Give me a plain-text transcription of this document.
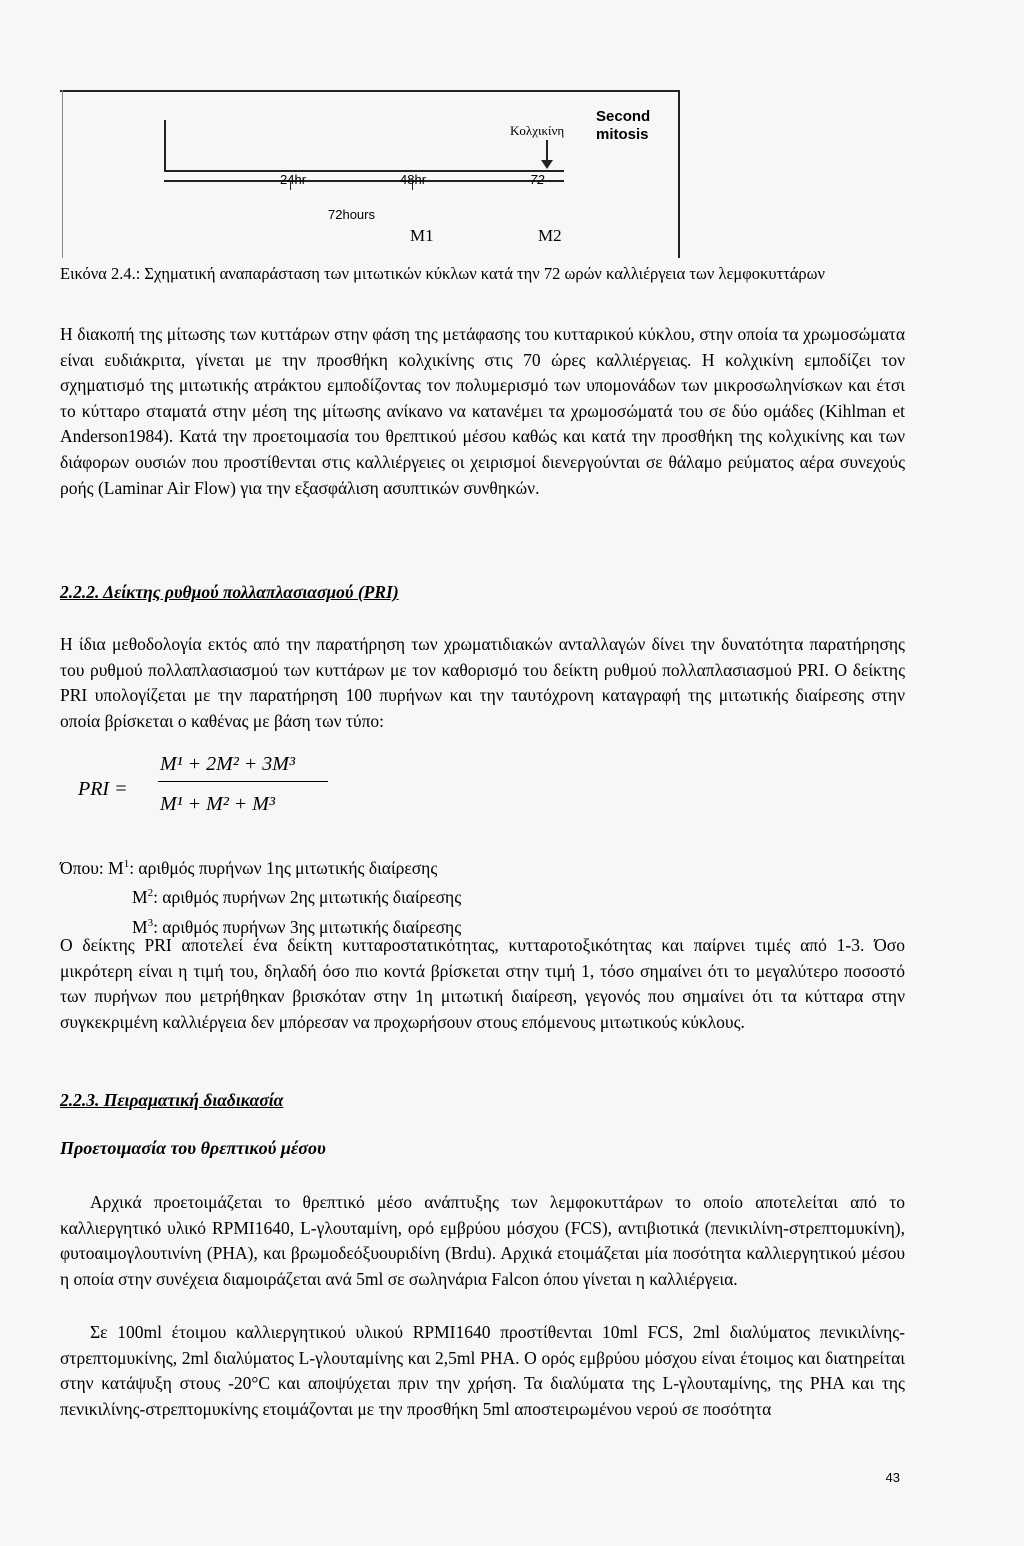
Κολχικίνη
Second mitosis
24hr	48hr	72
72hours
M1	M2

Εικόνα 2.4.: Σχηματική αναπαράσταση των μιτωτικών κύκλων κατά την 72 ωρών καλλιέργεια των λεμφοκυττάρων

Η διακοπή της μίτωσης των κυττάρων στην φάση της μετάφασης του κυτταρικού κύκλου, στην οποία τα χρωμοσώματα είναι ευδιάκριτα, γίνεται με την προσθήκη κολχικίνης στις 70 ώρες καλλιέργειας. Η κολχικίνη εμποδίζει τον σχηματισμό της μιτωτικής ατράκτου εμποδίζοντας τον πολυμερισμό των υπομονάδων των μικροσωληνίσκων και έτσι το κύτταρο σταματά στην μέση της μίτωσης ανίκανο να κατανέμει τα χρωμοσώματά του σε δύο ομάδες (Kihlman et Anderson1984). Κατά την προετοιμασία του θρεπτικού μέσου καθώς και κατά την προσθήκη της κολχικίνης και των διάφορων ουσιών που προστίθενται στις καλλιέργειες οι χειρισμοί διενεργούνται σε θάλαμο ρεύματος αέρα συνεχούς ροής (Laminar Air Flow) για την εξασφάλιση ασυπτικών συνθηκών.

2.2.2. Δείκτης ρυθμού πολλαπλασιασμού (PRI)

Η ίδια μεθοδολογία εκτός από την παρατήρηση των χρωματιδιακών ανταλλαγών δίνει την δυνατότητα παρατήρησης του ρυθμού πολλαπλασιασμού των κυττάρων με τον καθορισμό του δείκτη ρυθμού πολλαπλασιασμού PRI. Ο δείκτης PRI υπολογίζεται με την παρατήρηση 100 πυρήνων και την ταυτόχρονη καταγραφή της μιτωτικής διαίρεσης στην οποία βρίσκεται ο καθένας με βάση των τύπο:

PRI =
M¹ + 2M² + 3M³
M¹ + M² + M³
Όπου: $M^1$: αριθμός πυρήνων 1ης μιτωτικής διαίρεσης
$M^2$: αριθμός πυρήνων 2ης μιτωτικής διαίρεσης
$M^3$: αριθμός πυρήνων 3ης μιτωτικής διαίρεσης

Ο δείκτης PRI αποτελεί ένα δείκτη κυτταροστατικότητας, κυτταροτοξικότητας και παίρνει τιμές από 1-3. Όσο μικρότερη είναι η τιμή του, δηλαδή όσο πιο κοντά βρίσκεται στην τιμή 1, τόσο σημαίνει ότι το μεγαλύτερο ποσοστό των πυρήνων που μετρήθηκαν βρισκόταν στην 1η μιτωτική διαίρεση, γεγονός που σημαίνει ότι τα κύτταρα στην συγκεκριμένη καλλιέργεια δεν μπόρεσαν να προχωρήσουν στους επόμενους μιτωτικούς κύκλους.

2.2.3. Πειραματική διαδικασία

Προετοιμασία του θρεπτικού μέσου

Αρχικά προετοιμάζεται το θρεπτικό μέσο ανάπτυξης των λεμφοκυττάρων το οποίο αποτελείται από το καλλιεργητικό υλικό RPMI1640, L-γλουταμίνη, ορό εμβρύου μόσχου (FCS), αντιβιοτικά (πενικιλίνη-στρεπτομυκίνη), φυτοαιμογλουτινίνη (PHA), και βρωμοδεόξυουριδίνη (Brdu). Αρχικά ετοιμάζεται μία ποσότητα καλλιεργητικού μέσου η οποία στην συνέχεια διαμοιράζεται ανά 5ml σε σωληνάρια Falcon όπου γίνεται η καλλιέργεια.

Σε 100ml έτοιμου καλλιεργητικού υλικού RPMI1640 προστίθενται 10ml FCS, 2ml διαλύματος πενικιλίνης-στρεπτομυκίνης, 2ml διαλύματος L-γλουταμίνης και 2,5ml PHA. Ο ορός εμβρύου μόσχου είναι έτοιμος και διατηρείται στην κατάψυξη στους -20°C και αποψύχεται πριν την χρήση. Τα διαλύματα της L-γλουταμίνης, της PHA και της πενικιλίνης-στρεπτομυκίνης ετοιμάζονται με την προσθήκη 5ml αποστειρωμένου νερού σε ποσότητα

43
